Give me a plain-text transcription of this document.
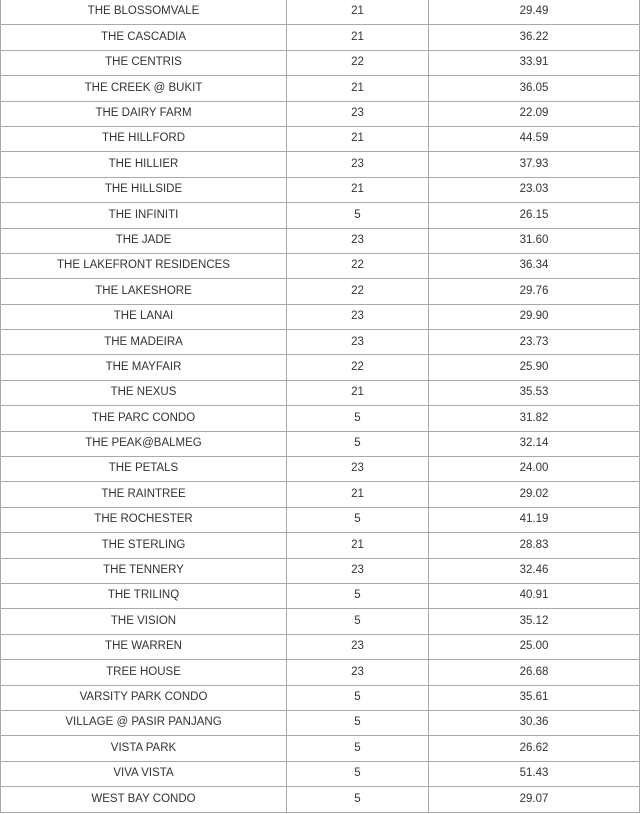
THE BLOSSOMVALE	21	29.49
THE CASCADIA	21	36.22
THE CENTRIS	22	33.91
THE CREEK @ BUKIT	21	36.05
THE DAIRY FARM	23	22.09
THE HILLFORD	21	44.59
THE HILLIER	23	37.93
THE HILLSIDE	21	23.03
THE INFINITI	5	26.15
THE JADE	23	31.60
THE LAKEFRONT RESIDENCES	22	36.34
THE LAKESHORE	22	29.76
THE LANAI	23	29.90
THE MADEIRA	23	23.73
THE MAYFAIR	22	25.90
THE NEXUS	21	35.53
THE PARC CONDO	5	31.82
THE PEAK@BALMEG	5	32.14
THE PETALS	23	24.00
THE RAINTREE	21	29.02
THE ROCHESTER	5	41.19
THE STERLING	21	28.83
THE TENNERY	23	32.46
THE TRILINQ	5	40.91
THE VISION	5	35.12
THE WARREN	23	25.00
TREE HOUSE	23	26.68
VARSITY PARK CONDO	5	35.61
VILLAGE @ PASIR PANJANG	5	30.36
VISTA PARK	5	26.62
VIVA VISTA	5	51.43
WEST BAY CONDO	5	29.07
